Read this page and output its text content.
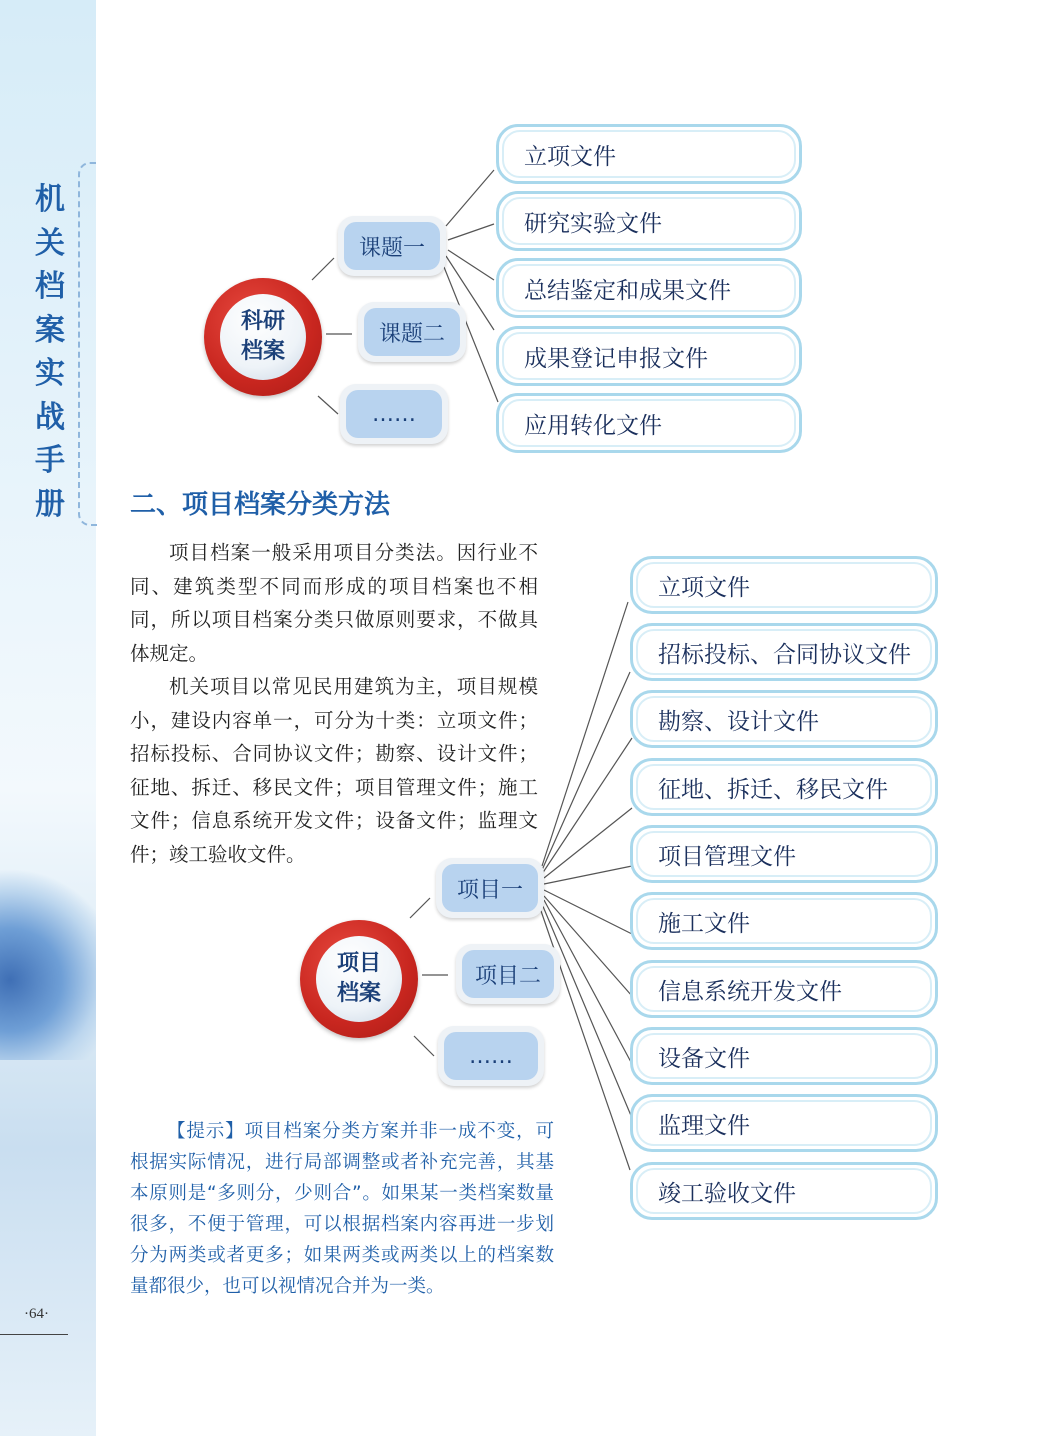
机
关
档
案
实
战
手
册
·64·
科研
档案
课题一
课题二
……
立项文件
研究实验文件
总结鉴定和成果文件
成果登记申报文件
应用转化文件
二、项目档案分类方法
项目档案一般采用项目分类法。因行业不同、建筑类型不同而形成的项目档案也不相同，所以项目档案分类只做原则要求，不做具体规定。
机关项目以常见民用建筑为主，项目规模小，建设内容单一，可分为十类：立项文件；招标投标、合同协议文件；勘察、设计文件；征地、拆迁、移民文件；项目管理文件；施工文件；信息系统开发文件；设备文件；监理文件；竣工验收文件。
【提示】项目档案分类方案并非一成不变，可根据实际情况，进行局部调整或者补充完善，其基本原则是“多则分，少则合”。如果某一类档案数量很多，不便于管理，可以根据档案内容再进一步划分为两类或者更多；如果两类或两类以上的档案数量都很少，也可以视情况合并为一类。
项目
档案
项目一
项目二
……
立项文件
招标投标、合同协议文件
勘察、设计文件
征地、拆迁、移民文件
项目管理文件
施工文件
信息系统开发文件
设备文件
监理文件
竣工验收文件
